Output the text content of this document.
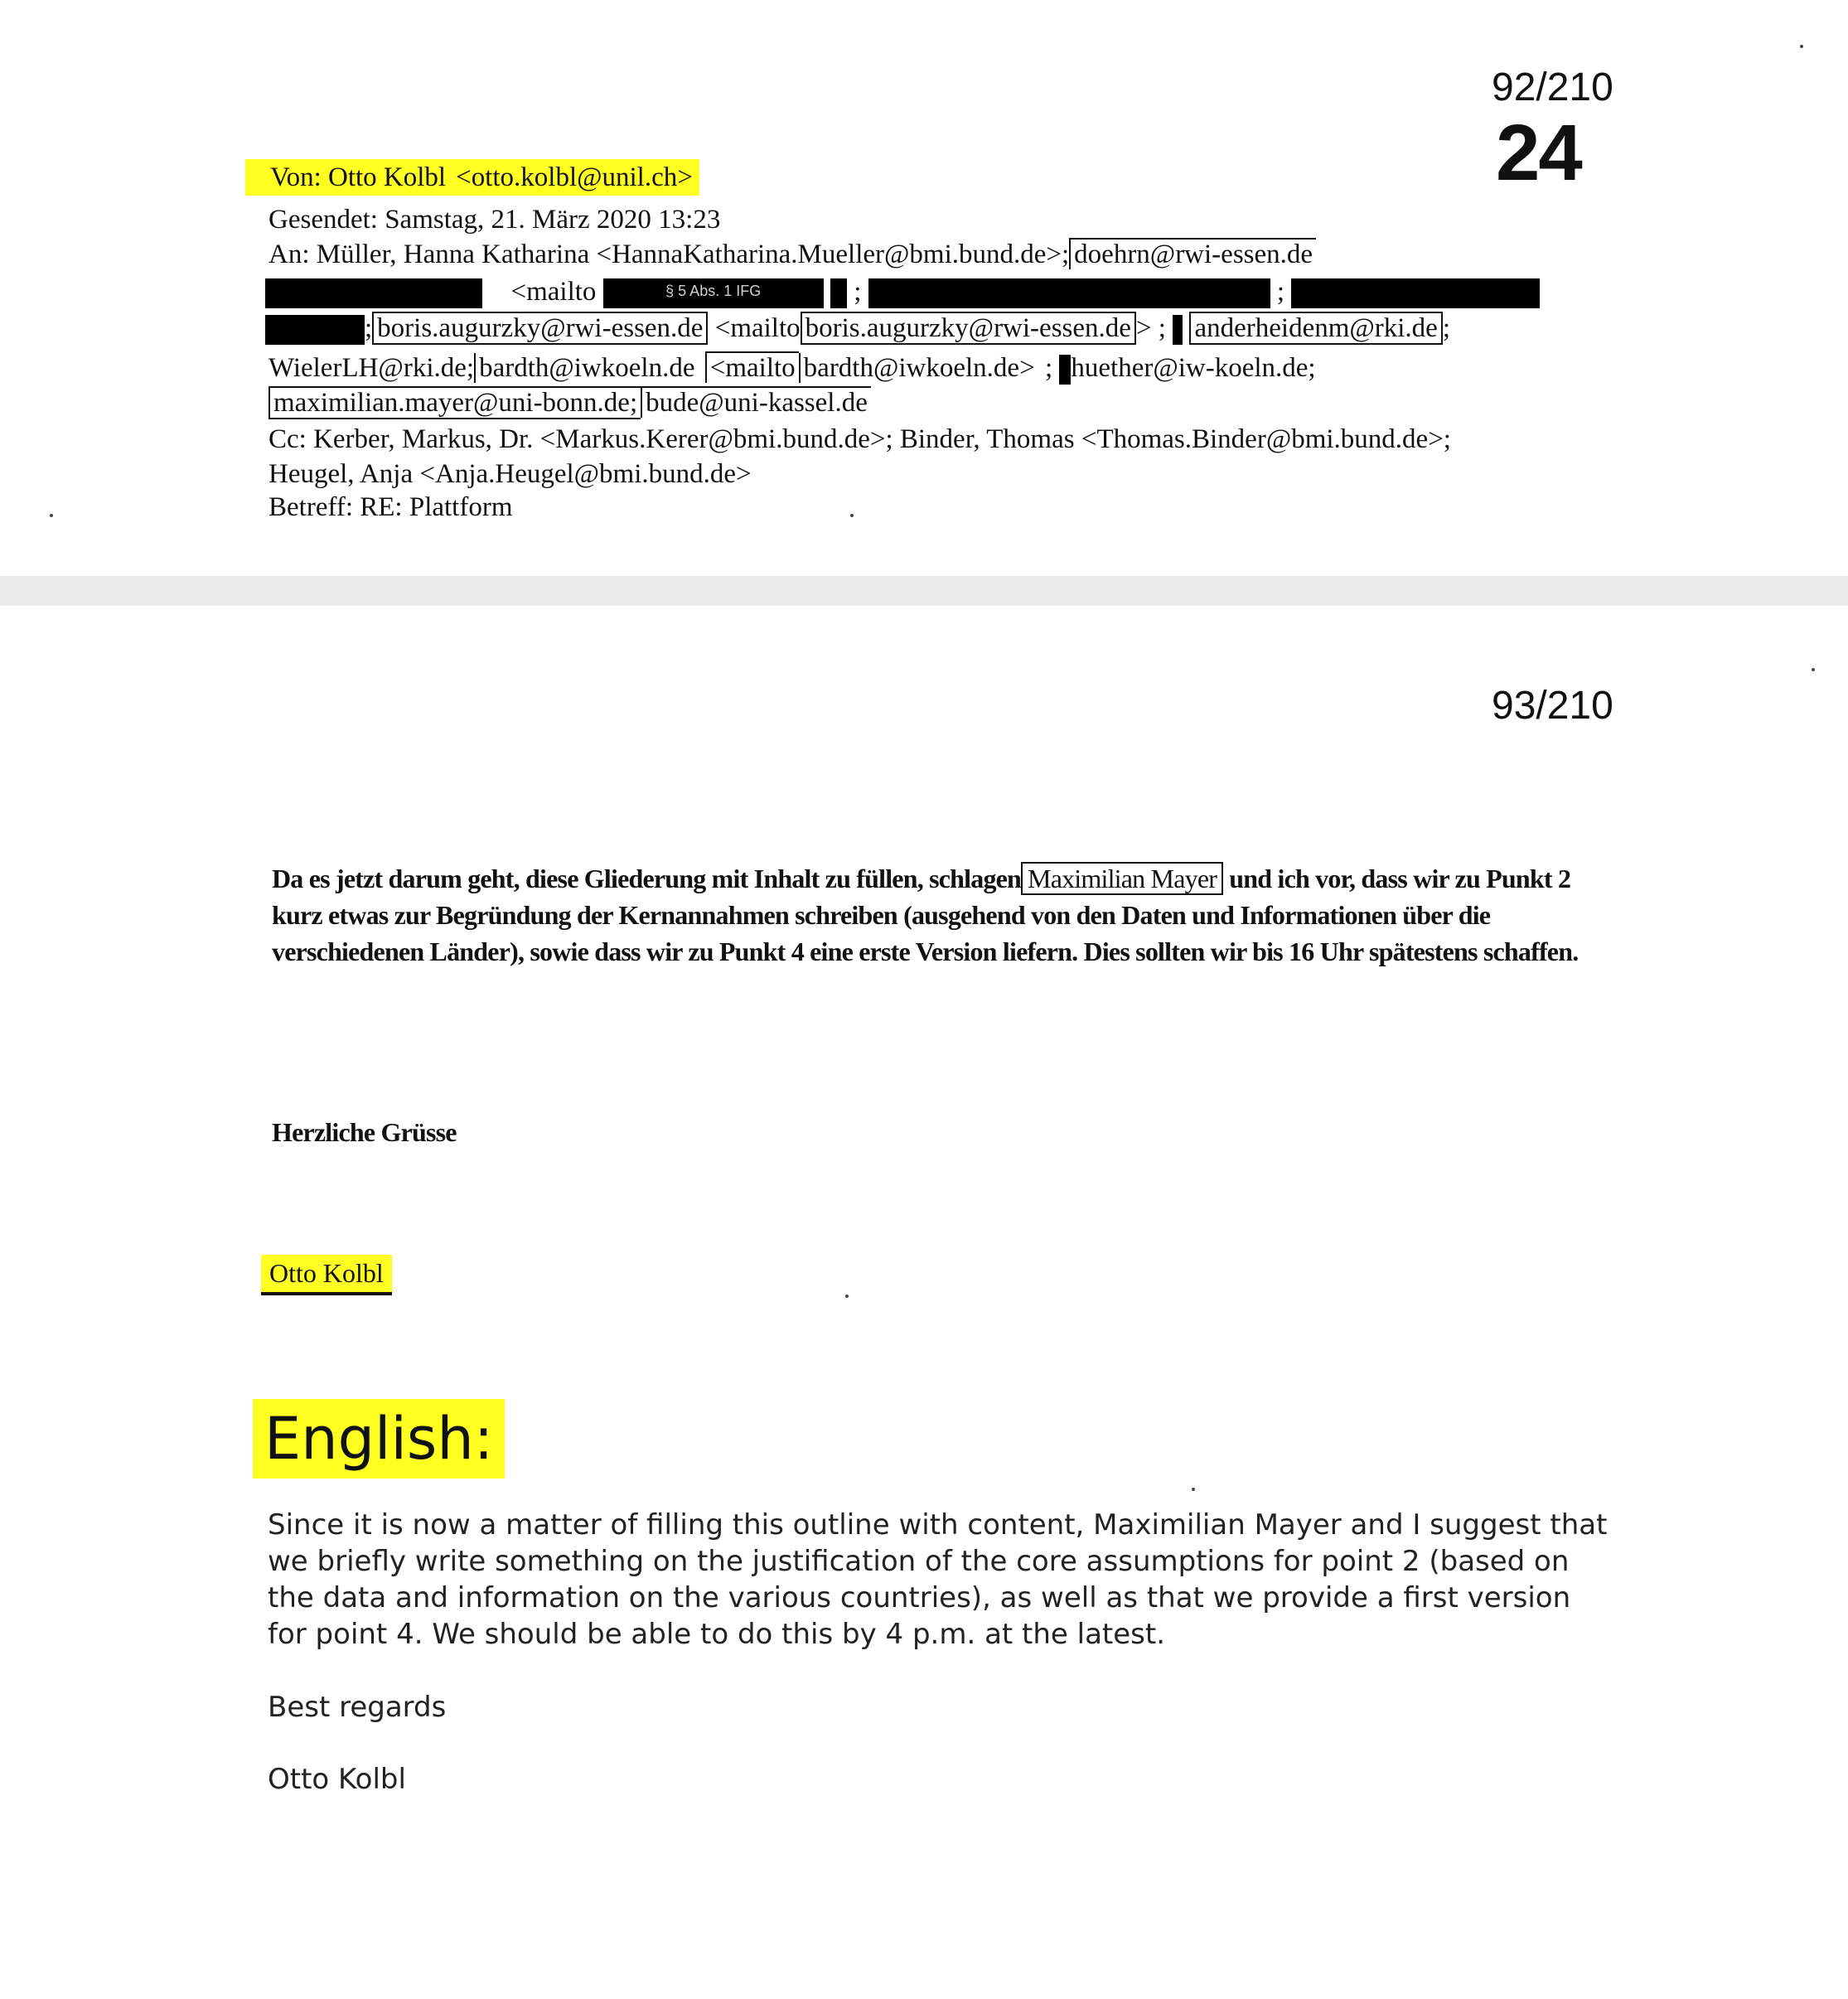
92/210
24
Von: Otto Kolbl <otto.kolbl@unil.ch>
Gesendet: Samstag, 21. März 2020 13:23
An: Müller, Hanna Katharina <HannaKatharina.Mueller@bmi.bund.de>; doehrn@rwi-essen.de
<mailto	§ 5 Abs. 1 IFG	;	;
; boris.augurzky@rwi-essen.de <mailto boris.augurzky@rwi-essen.de > ;  anderheidenm@rki.de ;
WielerLH@rki.de; bardth@iwkoeln.de <mailto bardth@iwkoeln.de> ; huether@iw-koeln.de;
maximilian.mayer@uni-bonn.de; bude@uni-kassel.de
Cc: Kerber, Markus, Dr. <Markus.Kerer@bmi.bund.de>; Binder, Thomas <Thomas.Binder@bmi.bund.de>;
Heugel, Anja <Anja.Heugel@bmi.bund.de>
Betreff: RE: Plattform
93/210

Da es jetzt darum geht, diese Gliederung mit Inhalt zu füllen, schlagen Maximilian Mayer und ich vor, dass wir zu Punkt 2 kurz etwas zur Begründung der Kernannahmen schreiben (ausgehend von den Daten und Informationen über die verschiedenen Länder), sowie dass wir zu Punkt 4 eine erste Version liefern. Dies sollten wir bis 16 Uhr spätestens schaffen.

Herzliche Grüsse
Otto Kolbl
English:

Since it is now a matter of filling this outline with content, Maximilian Mayer and I suggest that we briefly write something on the justification of the core assumptions for point 2 (based on the data and information on the various countries), as well as that we provide a first version for point 4. We should be able to do this by 4 p.m. at the latest.

Best regards
Otto Kolbl
